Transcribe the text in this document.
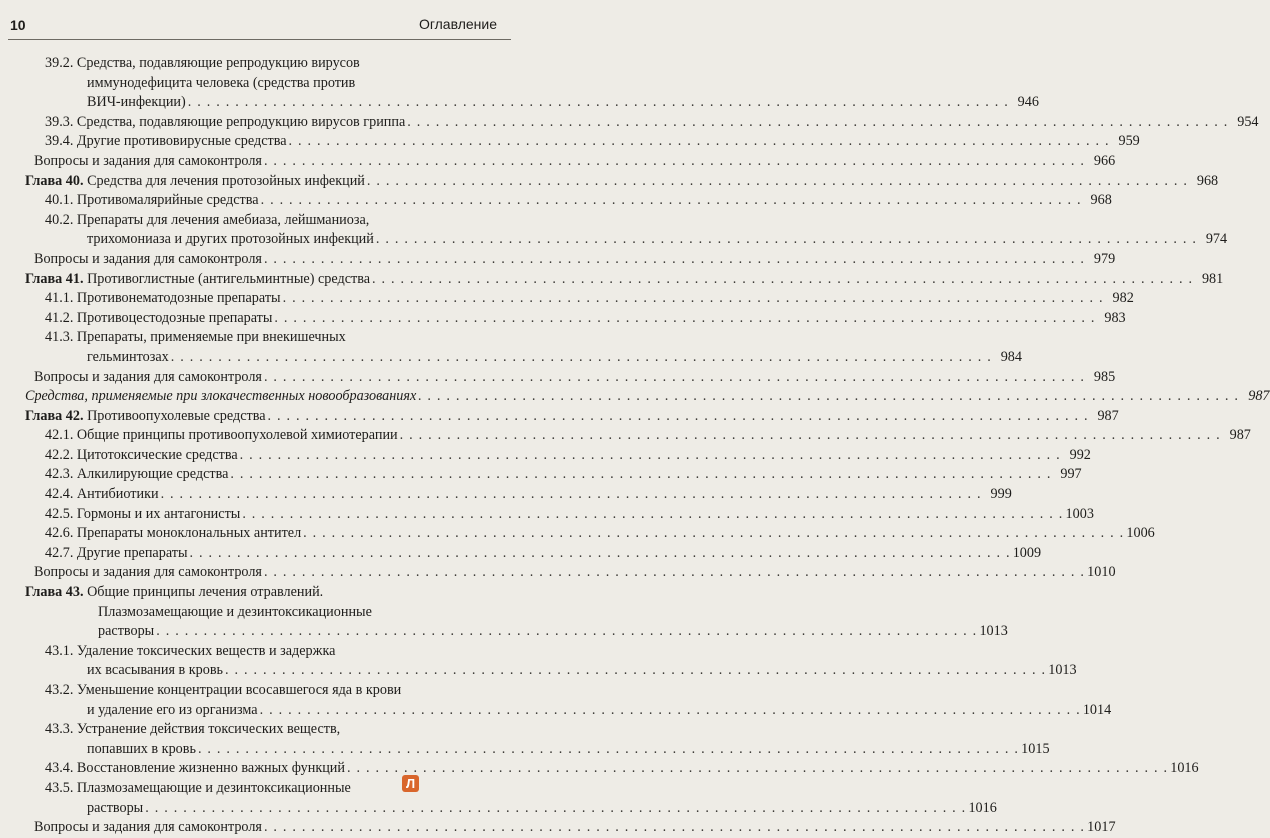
10	Оглавление
39.2. Средства, подавляющие репродукцию вирусов
иммунодефицита человека (средства против
ВИЧ-инфекции) . . .	946
39.3. Средства, подавляющие репродукцию вирусов гриппа . . .	954
39.4. Другие противовирусные средства . . .	959
Вопросы и задания для самоконтроля . . .	966
Глава 40. Средства для лечения протозойных инфекций . . .	968
40.1. Противомалярийные средства . . .	968
40.2. Препараты для лечения амебиаза, лейшманиоза,
трихомониаза и других протозойных инфекций . . .	974
Вопросы и задания для самоконтроля . . .	979
Глава 41. Противоглистные (антигельминтные) средства . . .	981
41.1. Противонематодозные препараты . . .	982
41.2. Противоцестодозные препараты . . .	983
41.3. Препараты, применяемые при внекишечных
гельминтозах . . .	984
Вопросы и задания для самоконтроля . . .	985
Средства, применяемые при злокачественных новообразованиях . . .	987
Глава 42. Противоопухолевые средства . . .	987
42.1. Общие принципы противоопухолевой химиотерапии . . .	987
42.2. Цитотоксические средства . . .	992
42.3. Алкилирующие средства . . .	997
42.4. Антибиотики . . .	999
42.5. Гормоны и их антагонисты . . .	1003
42.6. Препараты моноклональных антител . . .	1006
42.7. Другие препараты . . .	1009
Вопросы и задания для самоконтроля . . .	1010
Глава 43. Общие принципы лечения отравлений.
Плазмозамещающие и дезинтоксикационные
растворы . . .	1013
43.1. Удаление токсических веществ и задержка
их всасывания в кровь . . .	1013
43.2. Уменьшение концентрации всосавшегося яда в крови
и удаление его из организма . . .	1014
43.3. Устранение действия токсических веществ,
попавших в кровь . . .	1015
43.4. Восстановление жизненно важных функций . . .	1016
43.5. Плазмозамещающие и дезинтоксикационные
растворы . . .	1016
Вопросы и задания для самоконтроля . . .	1017
Л
